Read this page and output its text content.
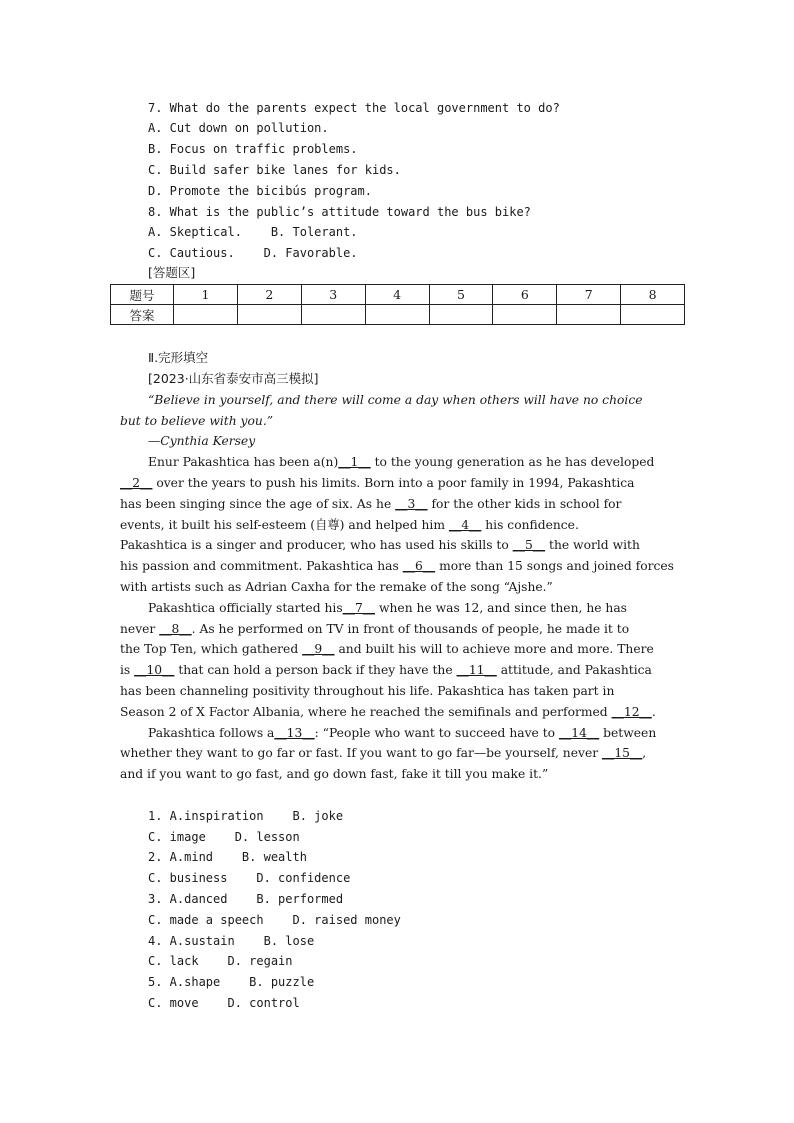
7. What do the parents expect the local government to do?
A. Cut down on pollution.
B. Focus on traffic problems.
C. Build safer bike lanes for kids.
D. Promote the bicibús program.
8. What is the public’s attitude toward the bus bike?
A. Skeptical.    B. Tolerant.
C. Cautious.    D. Favorable.
[答题区]
题号	1	2	3	4	5	6	7	8
答案								
Ⅱ.完形填空
[2023·山东省泰安市高三模拟]
“Believe in yourself, and there will come a day when others will have no choice
but to believe with you.”
—Cynthia Kersey
Enur Pakashtica has been a(n)__1__ to the young generation as he has developed
__2__ over the years to push his limits. Born into a poor family in 1994, Pakashtica
has been singing since the age of six. As he __3__ for the other kids in school for
events, it built his self-esteem (自尊) and helped him __4__ his confidence.
Pakashtica is a singer and producer, who has used his skills to __5__ the world with
his passion and commitment. Pakashtica has __6__ more than 15 songs and joined forces
with artists such as Adrian Caxha for the remake of the song “Ajshe.”
Pakashtica officially started his__7__ when he was 12, and since then, he has
never __8__. As he performed on TV in front of thousands of people, he made it to
the Top Ten, which gathered __9__ and built his will to achieve more and more. There
is __10__ that can hold a person back if they have the __11__ attitude, and Pakashtica
has been channeling positivity throughout his life. Pakashtica has taken part in
Season 2 of X Factor Albania, where he reached the semifinals and performed __12__.
Pakashtica follows a__13__: “People who want to succeed have to __14__ between
whether they want to go far or fast. If you want to go far—be yourself, never __15__,
and if you want to go fast, and go down fast, fake it till you make it.”
1. A.inspiration    B. joke
C. image    D. lesson
2. A.mind    B. wealth
C. business    D. confidence
3. A.danced    B. performed
C. made a speech    D. raised money
4. A.sustain    B. lose
C. lack    D. regain
5. A.shape    B. puzzle
C. move    D. control
